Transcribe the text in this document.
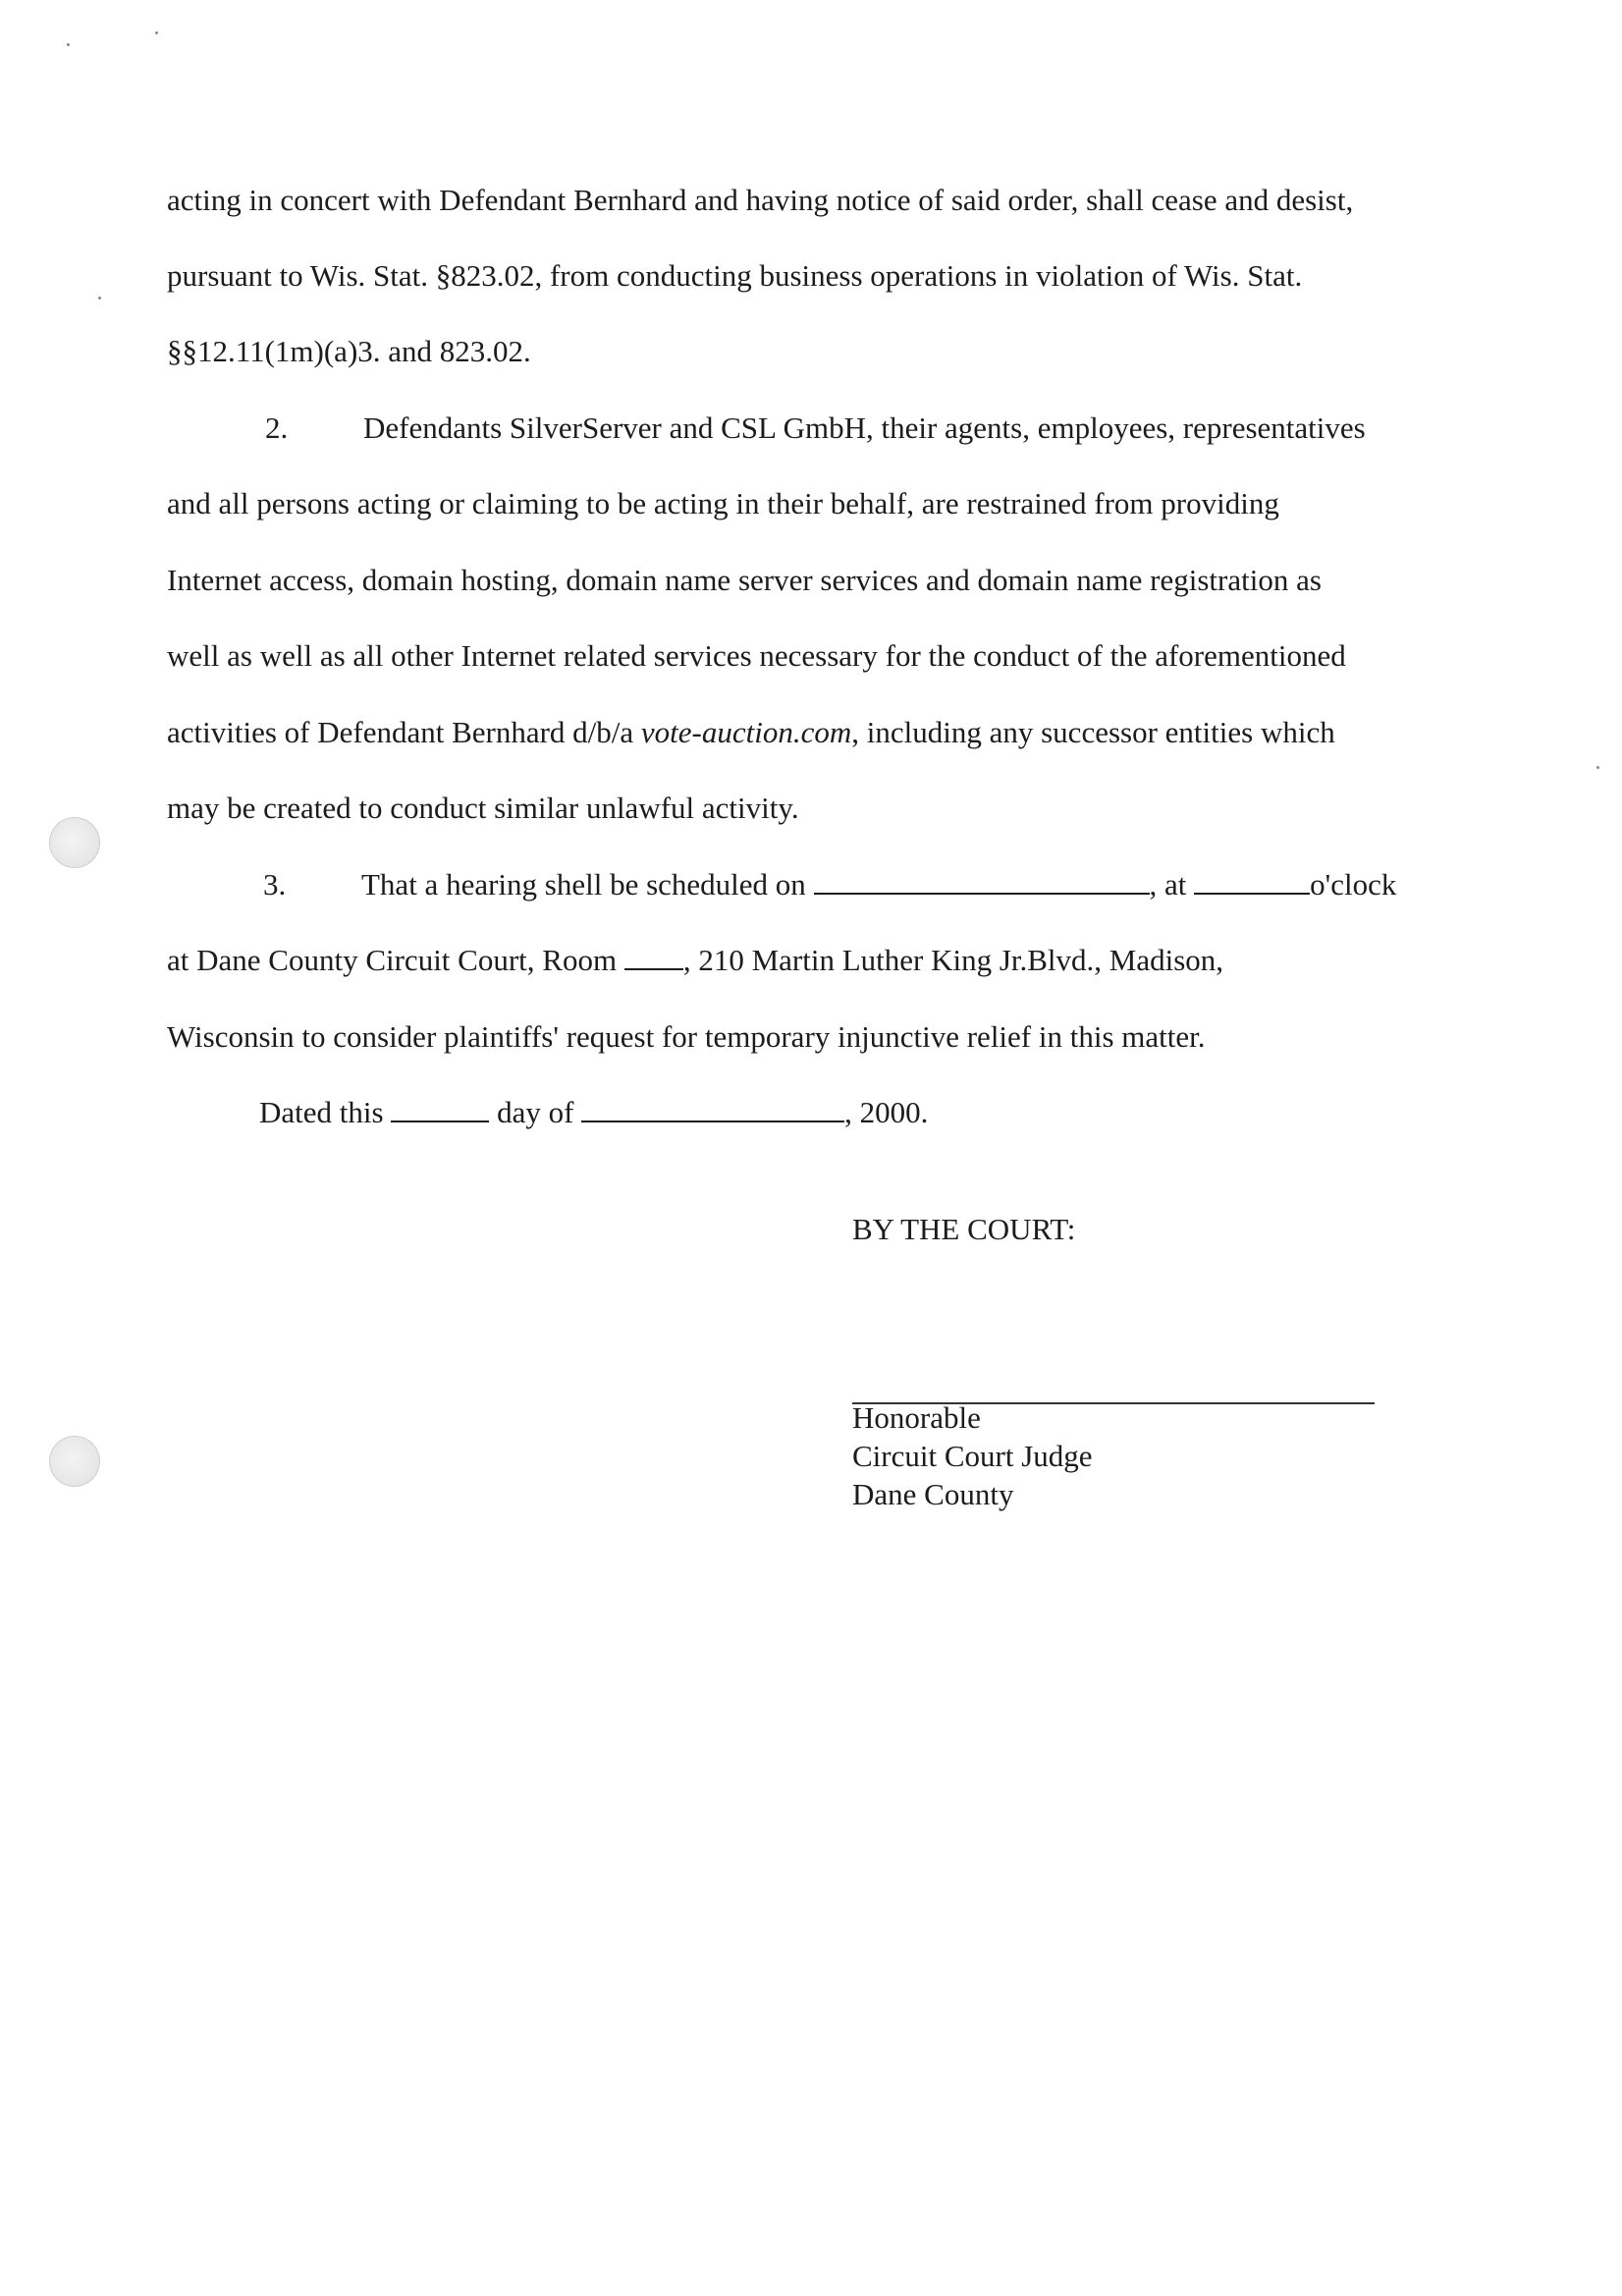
acting in concert with Defendant Bernhard and having notice of said order, shall cease and desist,
pursuant to Wis. Stat. §823.02, from conducting business operations in violation of Wis. Stat.
§§12.11(1m)(a)3. and 823.02.
2. Defendants SilverServer and CSL GmbH, their agents, employees, representatives
and all persons acting or claiming to be acting in their behalf, are restrained from providing
Internet access, domain hosting, domain name server services and domain name registration as
well as well as all other Internet related services necessary for the conduct of the aforementioned
activities of Defendant Bernhard d/b/a vote-auction.com, including any successor entities which
may be created to conduct similar unlawful activity.
3. That a hearing shell be scheduled on	, at	o'clock
at Dane County Circuit Court, Room , 210 Martin Luther King Jr.Blvd., Madison,
Wisconsin to consider plaintiffs' request for temporary injunctive relief in this matter.
Dated this	day of	, 2000.
BY THE COURT:
Honorable
Circuit Court Judge
Dane County
